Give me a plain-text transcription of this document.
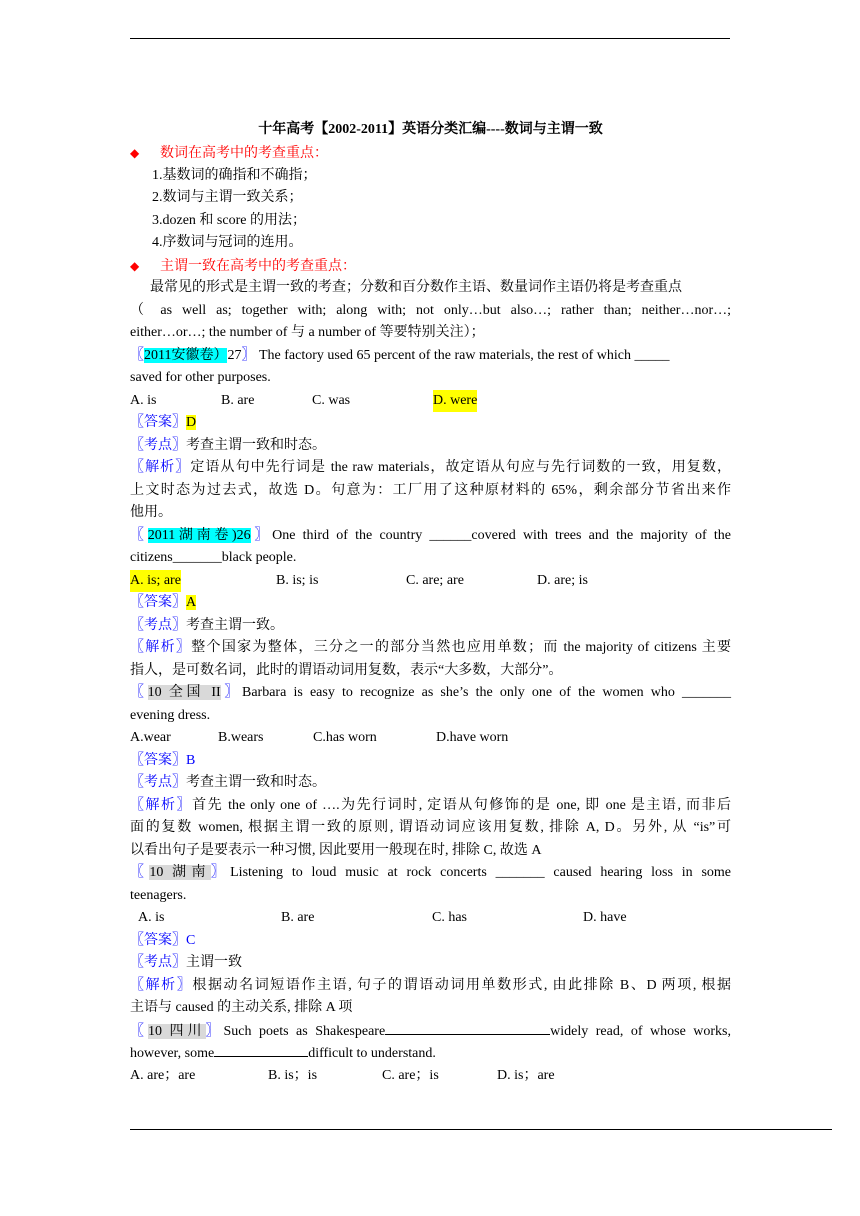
十年高考【2002-2011】英语分类汇编----数词与主谓一致
◆ 数词在高考中的考查重点：
1.基数词的确指和不确指；
2.数词与主谓一致关系；
3.dozen 和 score 的用法；
4.序数词与冠词的连用。
◆ 主谓一致在高考中的考查重点：
最常见的形式是主谓一致的考查；分数和百分数作主语、数量词作主语仍将是考查重点
（ as well as; together with; along with; not only…but also…; rather than; neither…nor…;
either…or…; the number of 与 a number of 等要特别关注）；
〖2011安徽卷）27〗 The factory used 65 percent of the raw materials, the rest of which _____
saved for other purposes.
A. is	B. are	C. was	D. were
〖答案〗D
〖考点〗考查主谓一致和时态。
〖解析〗定语从句中先行词是 the raw materials，故定语从句应与先行词数的一致，用复数，
上文时态为过去式，故选 D。句意为：工厂用了这种原材料的 65%，剩余部分节省出来作
他用。
〖2011湖南卷)26〗One third of the country ______covered with trees and the majority of the
citizens_______black people.
A. is; are	B. is; is	C. are; are	D. are; is
〖答案〗A
〖考点〗考查主谓一致。
〖解析〗整个国家为整体，三分之一的部分当然也应用单数；而 the majority of citizens 主要
指人，是可数名词，此时的谓语动词用复数，表示“大多数，大部分”。
〖10 全国 II〗Barbara is easy to recognize as she’s the only one of the women who _______
evening dress.
A.wear	B.wears	C.has worn	D.have worn
〖答案〗B
〖考点〗考查主谓一致和时态。
〖解析〗首先 the only one of ….为先行词时, 定语从句修饰的是 one, 即 one 是主语, 而非后
面的复数 women, 根据主谓一致的原则, 谓语动词应该用复数, 排除 A, D。另外, 从 “is”可
以看出句子是要表示一种习惯, 因此要用一般现在时, 排除 C, 故选 A
〖10 湖南〗Listening to loud music at rock concerts _______ caused hearing loss in some
teenagers.
A. is	B. are	C. has	D. have
〖答案〗C
〖考点〗主谓一致
〖解析〗根据动名词短语作主语, 句子的谓语动词用单数形式, 由此排除 B、D 两项, 根据
主语与 caused 的主动关系, 排除 A 项
〖10 四川〗Such poets as Shakespeare	widely read, of whose works,
however, some	difficult to understand.
A. are；are	B. is；is	C. are；is	D. is；are
